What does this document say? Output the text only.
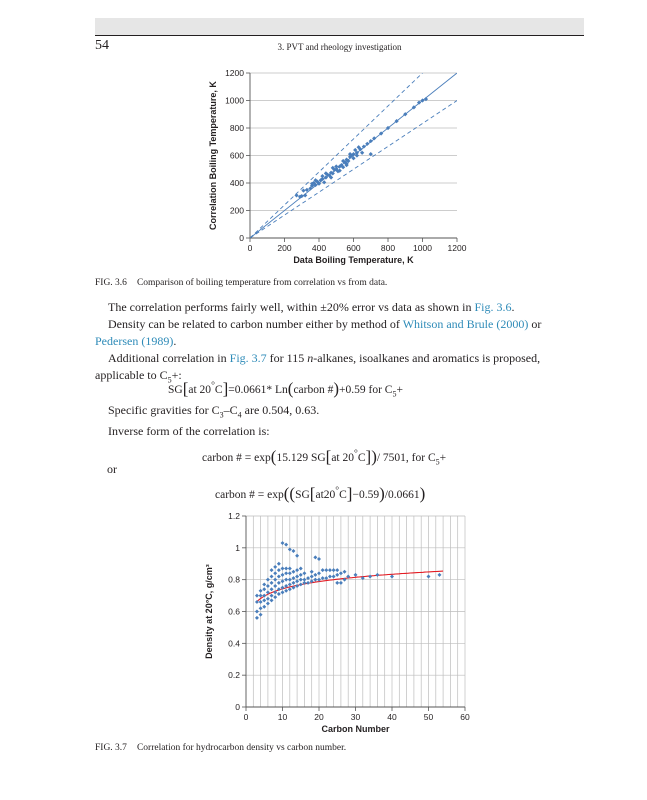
54	3. PVT and rheology investigation
0
200
400
600
800
1000
1200
0	200 400 600 800 1000 1200
Data Boiling Temperature, K
Correlation Boiling Temperature, K
FIG. 3.6 Comparison of boiling temperature from correlation vs from data.

The correlation performs fairly well, within ±20% error vs data as shown in Fig. 3.6.

Density can be related to carbon number either by method of Whitson and Brule (2000) or Pedersen (1989).

Additional correlation in Fig. 3.7 for 115 n-alkanes, isoalkanes and aromatics is proposed, applicable to $C_5+$:

SG[at 20°C]=0.0661* Ln(carbon #)+0.59 for $C_5+$

Specific gravities for $C_3-C_4$ are 0.504, 0.63.

Inverse form of the correlation is:

carbon # = exp(15.129 SG[at 20°C])/ 7501, for $C_5+$
or
carbon # = exp((SG[at20°C]−0.59)/0.0661)
0
0.2
0.4
0.6
0.8
1
1.2
0	10	20	30	40	50	60
Carbon Number
Density at 20°C, g/cm³
FIG. 3.7 Correlation for hydrocarbon density vs carbon number.
